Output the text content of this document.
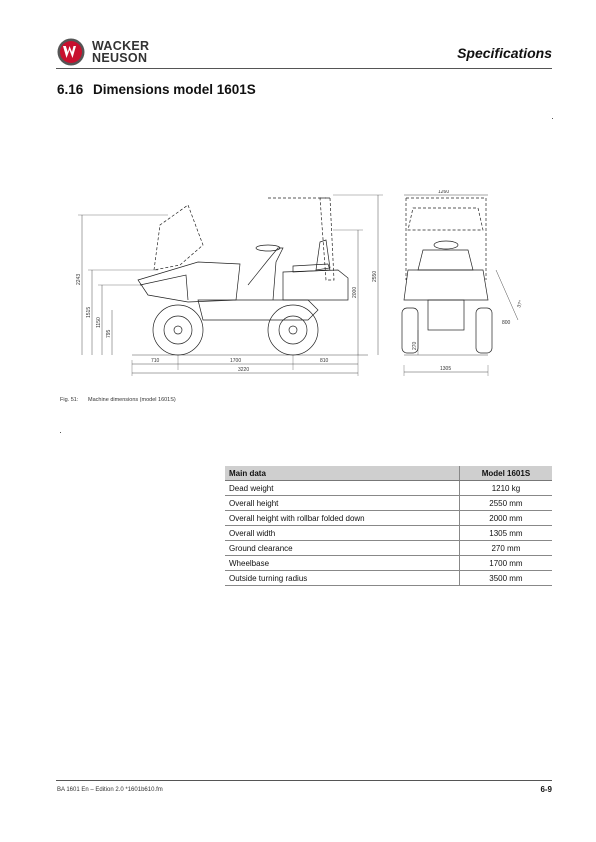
WACKER
NEUSON	Specifications
6.16 Dimensions model 1601S
2243
1515
1150
795
2000
2550
710	1700	810
3220
1260
1305
270
800
37°
Fig. 51: Machine dimensions (model 1601S)
Main data	Model 1601S
Dead weight	1210 kg
Overall height	2550 mm
Overall height with rollbar folded down	2000 mm
Overall width	1305 mm
Ground clearance	270 mm
Wheelbase	1700 mm
Outside turning radius	3500 mm
BA 1601 En – Edition 2.0 *1601b610.fm	6-9
